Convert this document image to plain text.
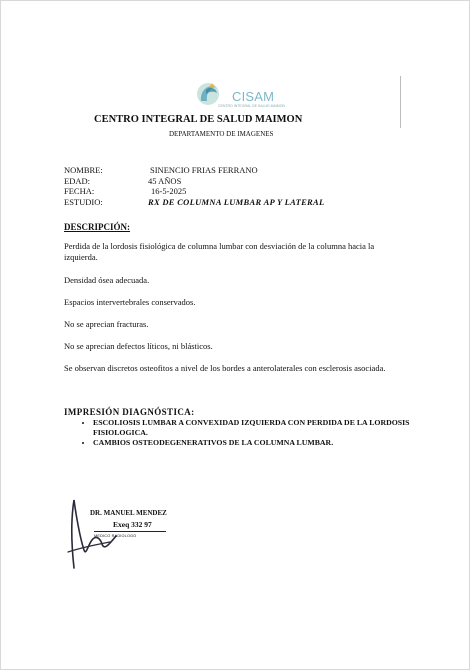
CISAM
CENTRO INTEGRAL DE SALUD MAIMON
CENTRO INTEGRAL DE SALUD MAIMON
DEPARTAMENTO DE IMAGENES
NOMBRE:	SINENCIO FRIAS FERRANO
EDAD:	45 AÑOS
FECHA:	16-5-2025
ESTUDIO:	RX DE COLUMNA LUMBAR AP Y LATERAL
DESCRIPCIÓN:
Perdida de la lordosis fisiológica de columna lumbar con desviación de la columna hacia la izquierda.
Densidad ósea adecuada.
Espacios intervertebrales conservados.
No se aprecian fracturas.
No se aprecian defectos líticos, ni blásticos.
Se observan discretos osteofitos a nivel de los bordes a anterolaterales con esclerosis asociada.
IMPRESIÓN DIAGNÓSTICA:
• ESCOLIOSIS LUMBAR A CONVEXIDAD IZQUIERDA CON PERDIDA DE LA LORDOSIS FISIOLOGICA.
• CAMBIOS OSTEODEGENERATIVOS DE LA COLUMNA LUMBAR.
DR. MANUEL MENDEZ
Exeq 332 97
MEDICO RADIOLOGO
